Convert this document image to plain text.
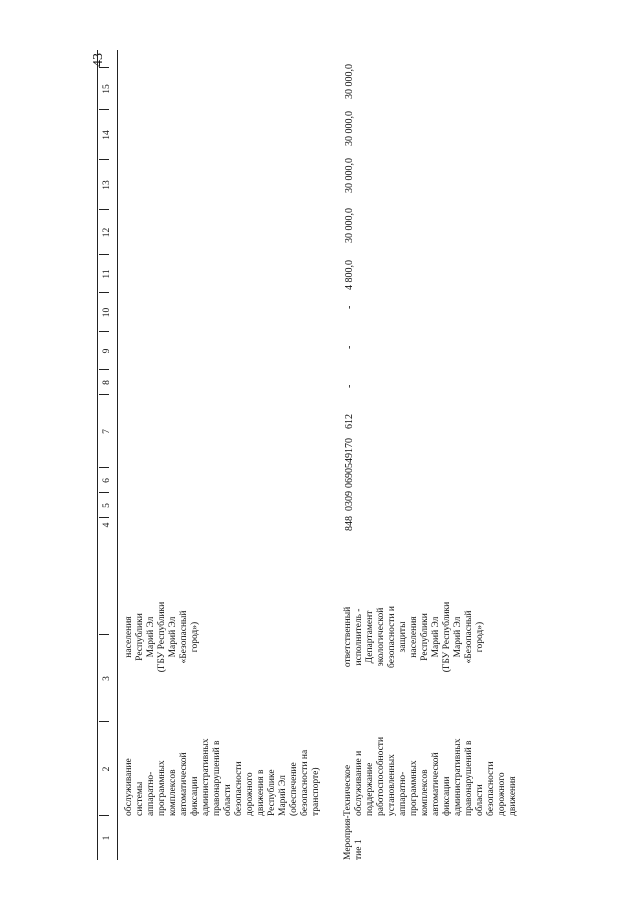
43
1
2
3
4
5
6
7
8
9
10
11
12
13
14
15
обслуживание
системы
аппаратно-
программных
комплексов
автоматической
фиксации
административных
правонарушений в
области
безопасности
дорожного
движения в
Республике
Марий Эл
(обеспечение
безопасности на
транспорте)
населения
Республики
Марий Эл
(ГБУ Республики
Марий Эл
«Безопасный
город»)
Мероприя-
тие 1
Техническое
обслуживание и
поддержание
работоспособности
установленных
аппаратно-
программных
комплексов
автоматической
фиксации
административных
правонарушений в
области
безопасности
дорожного
движения
ответственный
исполнитель -
Департамент
экологической
безопасности и
защиты
населения
Республики
Марий Эл
(ГБУ Республики
Марий Эл
«Безопасный
город»)
848
0309
0690549170
612
-
-
-
4 800,0
30 000,0
30 000,0
30 000,0
30 000,0
